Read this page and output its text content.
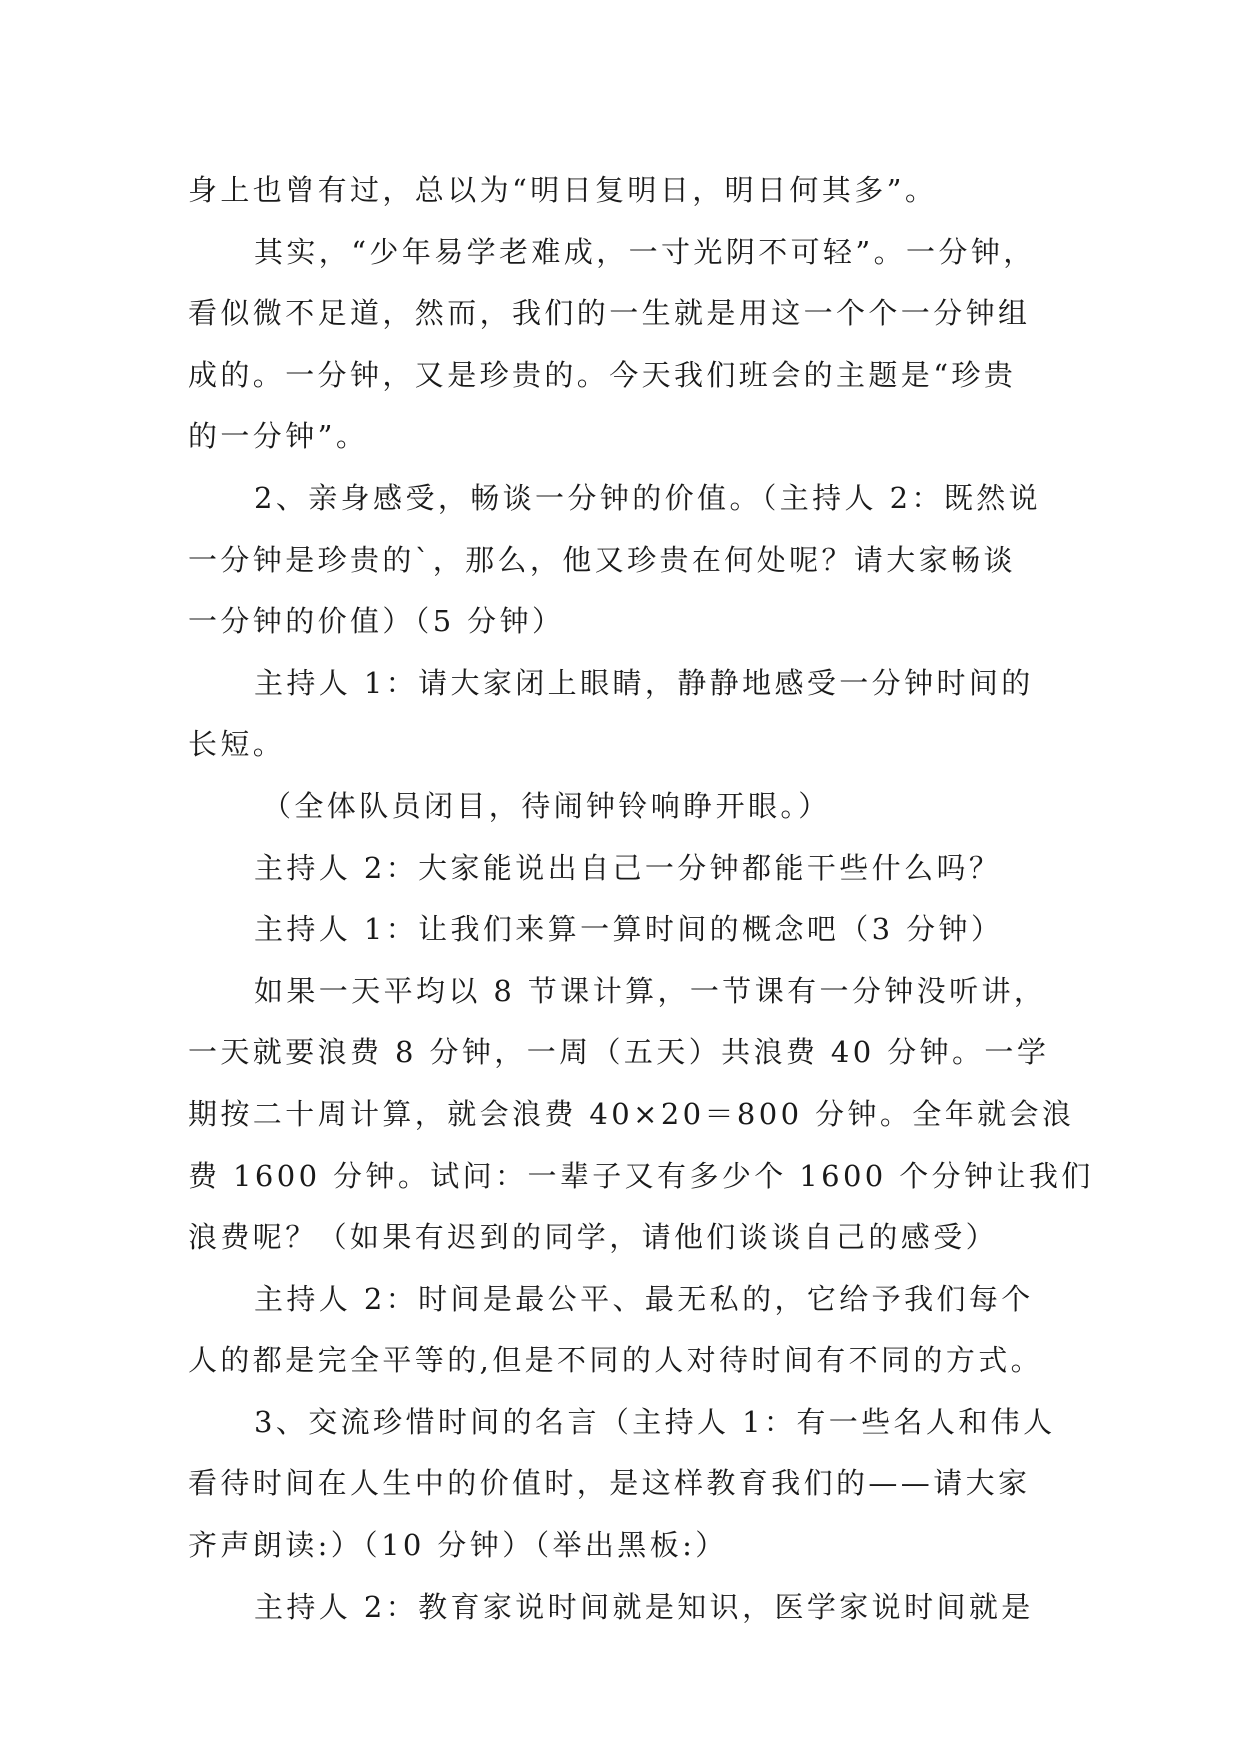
身上也曾有过，总以为“明日复明日，明日何其多”。
其实，“少年易学老难成，一寸光阴不可轻”。一分钟，
看似微不足道，然而，我们的一生就是用这一个个一分钟组
成的。一分钟，又是珍贵的。今天我们班会的主题是“珍贵
的一分钟”。
2、亲身感受，畅谈一分钟的价值。（主持人 2：既然说
一分钟是珍贵的`，那么，他又珍贵在何处呢？请大家畅谈
一分钟的价值）（5 分钟）
主持人 1：请大家闭上眼睛，静静地感受一分钟时间的
长短。
（全体队员闭目，待闹钟铃响睁开眼。）
主持人 2：大家能说出自己一分钟都能干些什么吗？
主持人 1：让我们来算一算时间的概念吧（3 分钟）
如果一天平均以 8 节课计算，一节课有一分钟没听讲，
一天就要浪费 8 分钟，一周（五天）共浪费 40 分钟。一学
期按二十周计算，就会浪费 40×20＝800 分钟。全年就会浪
费 1600 分钟。试问：一辈子又有多少个 1600 个分钟让我们
浪费呢？（如果有迟到的同学，请他们谈谈自己的感受）
主持人 2：时间是最公平、最无私的，它给予我们每个
人的都是完全平等的,但是不同的人对待时间有不同的方式。
3、交流珍惜时间的名言（主持人 1：有一些名人和伟人
看待时间在人生中的价值时，是这样教育我们的——请大家
齐声朗读:）（10 分钟）（举出黑板:）
主持人 2：教育家说时间就是知识，医学家说时间就是
